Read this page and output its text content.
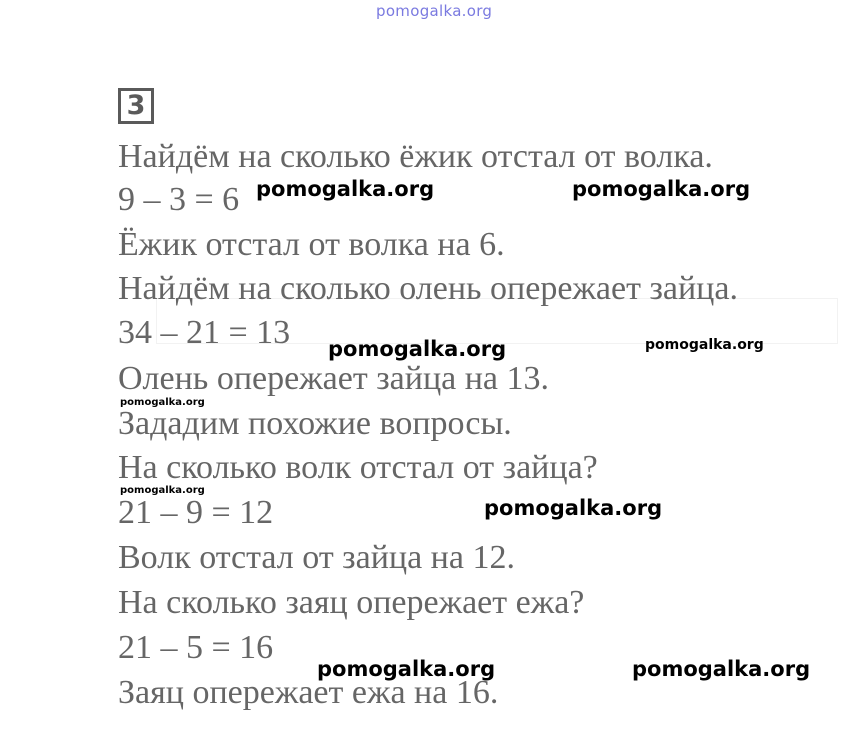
pomogalka.org
3
Найдём на сколько ёжик отстал от волка.
9 – 3 = 6
Ёжик отстал от волка на 6.
Найдём на сколько олень опережает зайца.
34 – 21 = 13
Олень опережает зайца на 13.
Зададим похожие вопросы.
На сколько волк отстал от зайца?
21 – 9 = 12
Волк отстал от зайца на 12.
На сколько заяц опережает ежа?
21 – 5 = 16
Заяц опережает ежа на 16.
pomogalka.org	pomogalka.org
pomogalka.org	pomogalka.org
pomogalka.org
pomogalka.org
pomogalka.org
pomogalka.org	pomogalka.org
